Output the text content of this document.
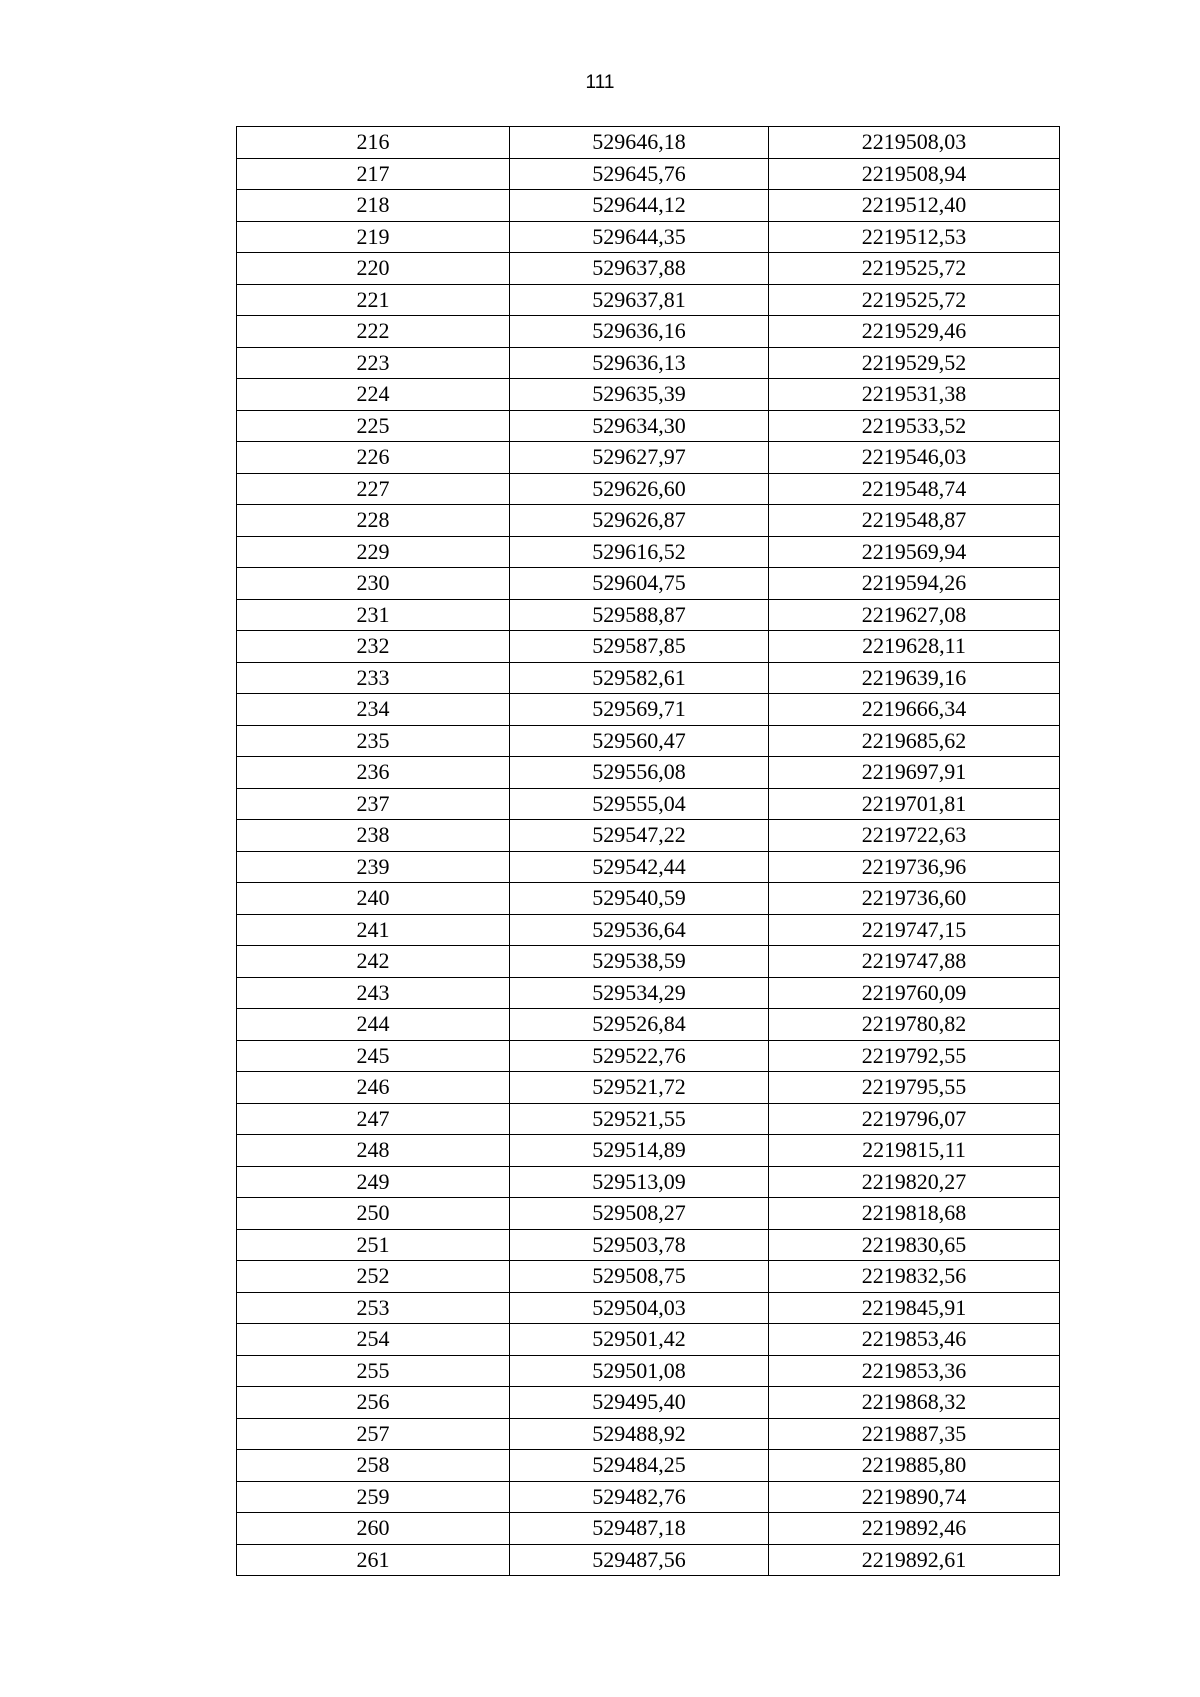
111
216	529646,18	2219508,03
217	529645,76	2219508,94
218	529644,12	2219512,40
219	529644,35	2219512,53
220	529637,88	2219525,72
221	529637,81	2219525,72
222	529636,16	2219529,46
223	529636,13	2219529,52
224	529635,39	2219531,38
225	529634,30	2219533,52
226	529627,97	2219546,03
227	529626,60	2219548,74
228	529626,87	2219548,87
229	529616,52	2219569,94
230	529604,75	2219594,26
231	529588,87	2219627,08
232	529587,85	2219628,11
233	529582,61	2219639,16
234	529569,71	2219666,34
235	529560,47	2219685,62
236	529556,08	2219697,91
237	529555,04	2219701,81
238	529547,22	2219722,63
239	529542,44	2219736,96
240	529540,59	2219736,60
241	529536,64	2219747,15
242	529538,59	2219747,88
243	529534,29	2219760,09
244	529526,84	2219780,82
245	529522,76	2219792,55
246	529521,72	2219795,55
247	529521,55	2219796,07
248	529514,89	2219815,11
249	529513,09	2219820,27
250	529508,27	2219818,68
251	529503,78	2219830,65
252	529508,75	2219832,56
253	529504,03	2219845,91
254	529501,42	2219853,46
255	529501,08	2219853,36
256	529495,40	2219868,32
257	529488,92	2219887,35
258	529484,25	2219885,80
259	529482,76	2219890,74
260	529487,18	2219892,46
261	529487,56	2219892,61
